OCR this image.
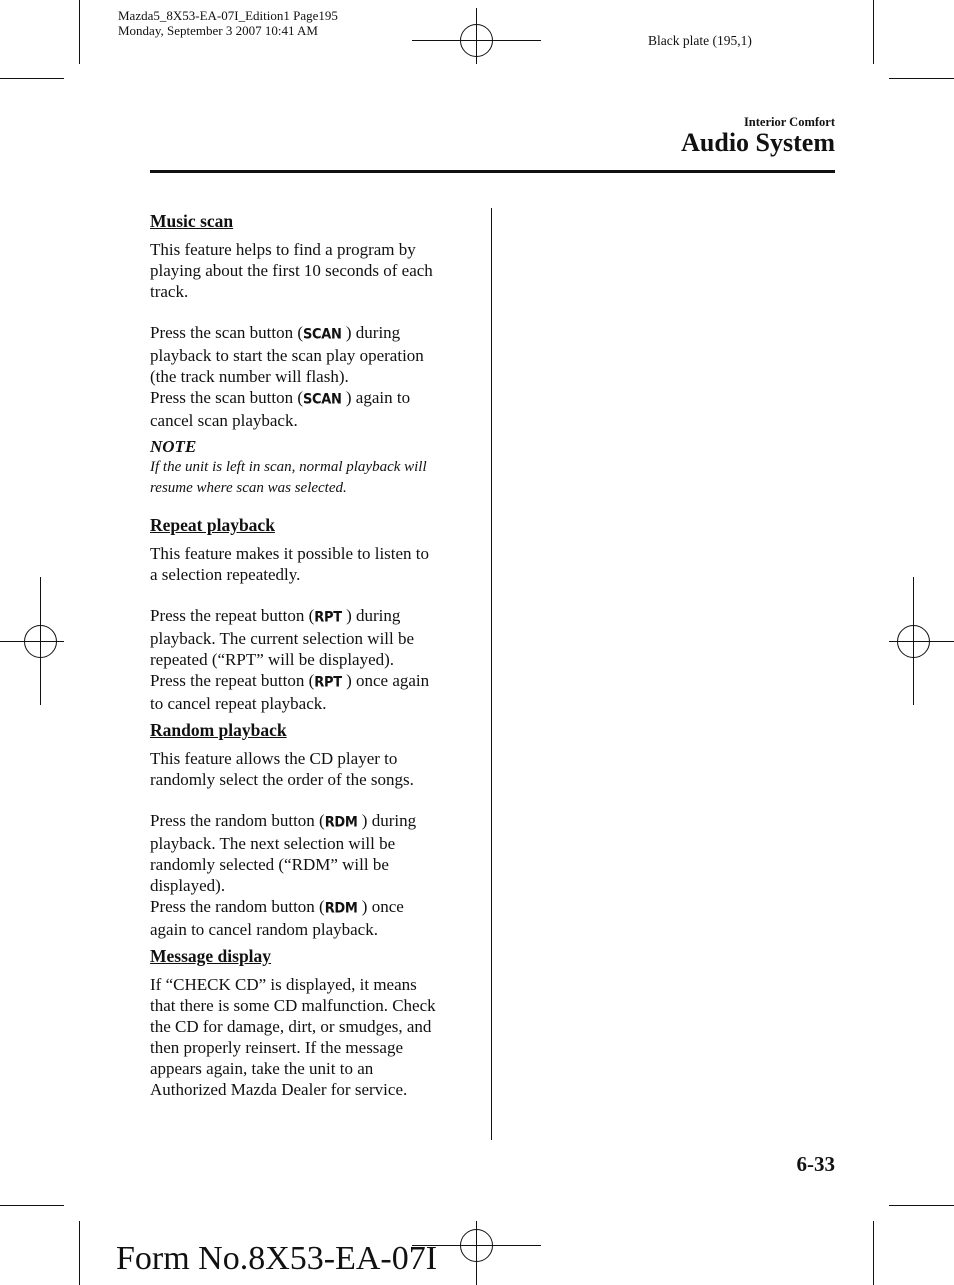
Mazda5_8X53-EA-07I_Edition1 Page195
Monday, September 3 2007 10:41 AM
Black plate (195,1)
Interior Comfort
Audio System

Music scan

This feature helps to find a program by
playing about the first 10 seconds of each
track.
Press the scan button (SCAN ) during
playback to start the scan play operation
(the track number will flash).
Press the scan button (SCAN ) again to
cancel scan playback.
NOTE
If the unit is left in scan, normal playback will
resume where scan was selected.

Repeat playback

This feature makes it possible to listen to
a selection repeatedly.
Press the repeat button (RPT ) during
playback. The current selection will be
repeated (“RPT” will be displayed).
Press the repeat button (RPT ) once again
to cancel repeat playback.

Random playback

This feature allows the CD player to
randomly select the order of the songs.
Press the random button (RDM ) during
playback. The next selection will be
randomly selected (“RDM” will be
displayed).
Press the random button (RDM ) once
again to cancel random playback.

Message display

If “CHECK CD” is displayed, it means
that there is some CD malfunction. Check
the CD for damage, dirt, or smudges, and
then properly reinsert. If the message
appears again, take the unit to an
Authorized Mazda Dealer for service.
6-33
Form No.8X53-EA-07I
